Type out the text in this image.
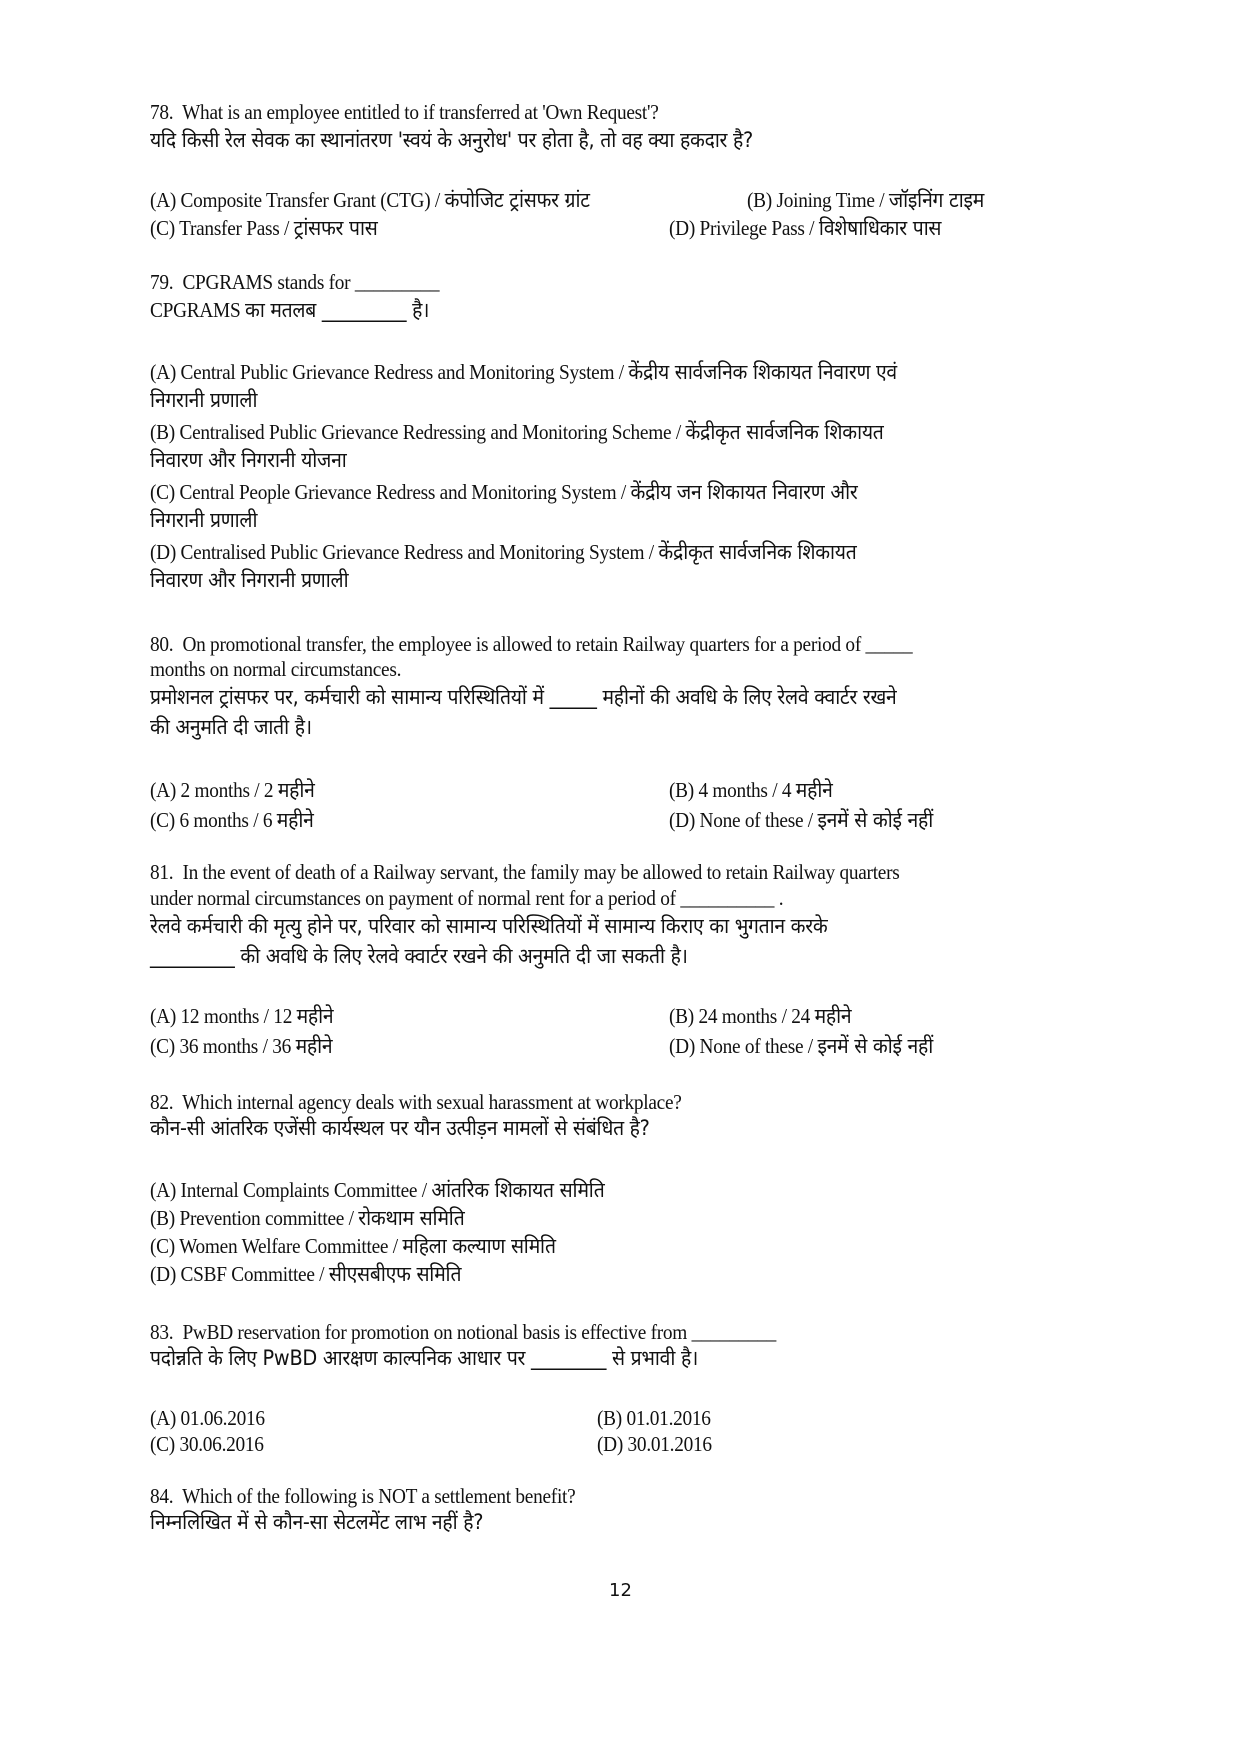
78. What is an employee entitled to if transferred at 'Own Request'?
यदि किसी रेल सेवक का स्थानांतरण 'स्वयं के अनुरोध' पर होता है, तो वह क्या हकदार है?
(A) Composite Transfer Grant (CTG) / कंपोजिट ट्रांसफर ग्रांट	(B) Joining Time / जॉइनिंग टाइम
(C) Transfer Pass / ट्रांसफर पास	(D) Privilege Pass / विशेषाधिकार पास
79. CPGRAMS stands for _________
CPGRAMS का मतलब _________ है।
(A) Central Public Grievance Redress and Monitoring System / केंद्रीय सार्वजनिक शिकायत निवारण एवं
निगरानी प्रणाली
(B) Centralised Public Grievance Redressing and Monitoring Scheme / केंद्रीकृत सार्वजनिक शिकायत
निवारण और निगरानी योजना
(C) Central People Grievance Redress and Monitoring System / केंद्रीय जन शिकायत निवारण और
निगरानी प्रणाली
(D) Centralised Public Grievance Redress and Monitoring System / केंद्रीकृत सार्वजनिक शिकायत
निवारण और निगरानी प्रणाली
80. On promotional transfer, the employee is allowed to retain Railway quarters for a period of _____
months on normal circumstances.
प्रमोशनल ट्रांसफर पर, कर्मचारी को सामान्य परिस्थितियों में _____ महीनों की अवधि के लिए रेलवे क्वार्टर रखने
की अनुमति दी जाती है।
(A) 2 months / 2 महीने	(B) 4 months / 4 महीने
(C) 6 months / 6 महीने	(D) None of these / इनमें से कोई नहीं
81. In the event of death of a Railway servant, the family may be allowed to retain Railway quarters
under normal circumstances on payment of normal rent for a period of __________ .
रेलवे कर्मचारी की मृत्यु होने पर, परिवार को सामान्य परिस्थितियों में सामान्य किराए का भुगतान करके
_________ की अवधि के लिए रेलवे क्वार्टर रखने की अनुमति दी जा सकती है।
(A) 12 months / 12 महीने	(B) 24 months / 24 महीने
(C) 36 months / 36 महीने	(D) None of these / इनमें से कोई नहीं
82. Which internal agency deals with sexual harassment at workplace?
कौन-सी आंतरिक एजेंसी कार्यस्थल पर यौन उत्पीड़न मामलों से संबंधित है?
(A) Internal Complaints Committee / आंतरिक शिकायत समिति
(B) Prevention committee / रोकथाम समिति
(C) Women Welfare Committee / महिला कल्याण समिति
(D) CSBF Committee / सीएसबीएफ समिति
83. PwBD reservation for promotion on notional basis is effective from _________
पदोन्नति के लिए PwBD आरक्षण काल्पनिक आधार पर ________ से प्रभावी है।
(A) 01.06.2016	(B) 01.01.2016
(C) 30.06.2016	(D) 30.01.2016
84. Which of the following is NOT a settlement benefit?
निम्नलिखित में से कौन-सा सेटलमेंट लाभ नहीं है?
12
